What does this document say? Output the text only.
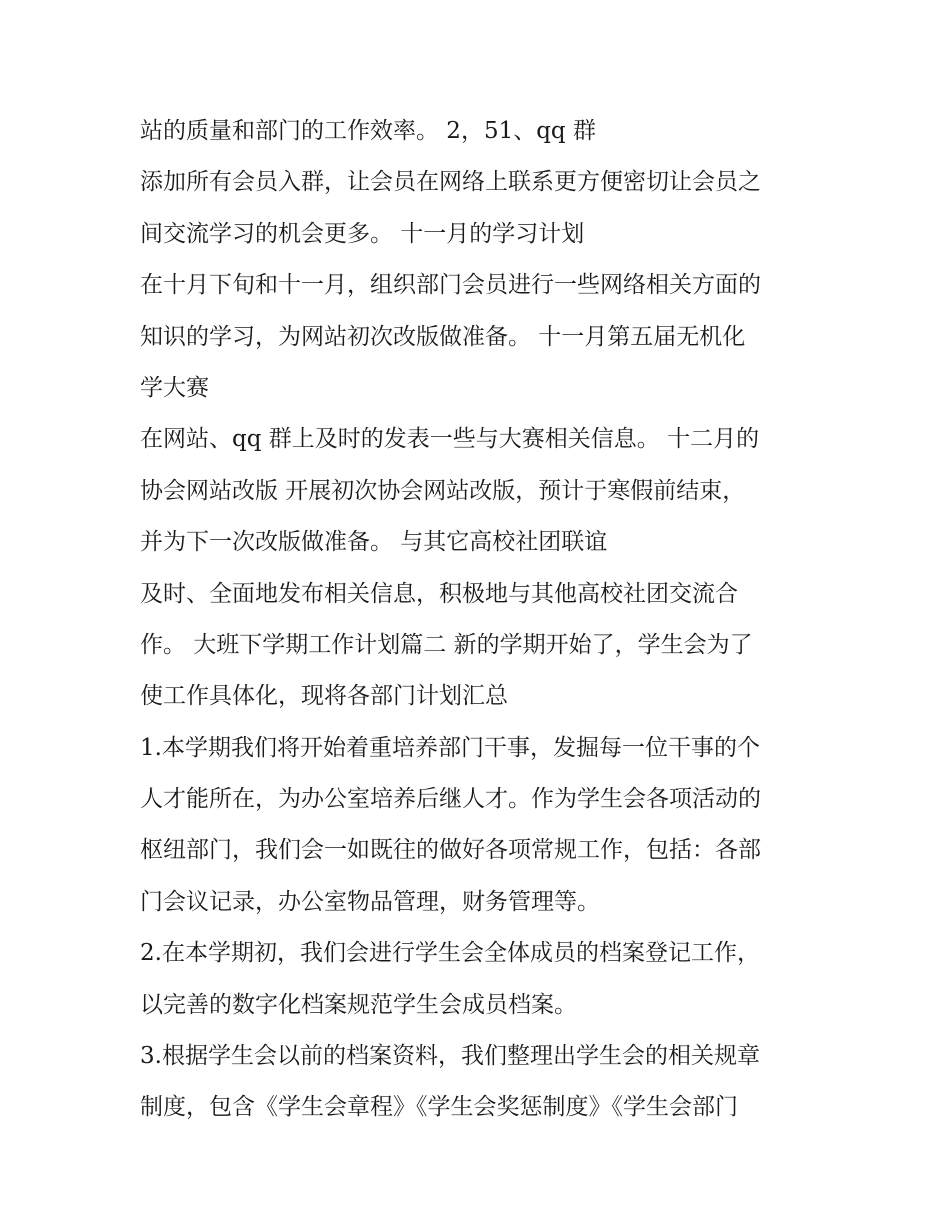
站的质量和部门的工作效率。 2，51、qq 群
添加所有会员入群，让会员在网络上联系更方便密切让会员之
间交流学习的机会更多。 十一月的学习计划
在十月下旬和十一月，组织部门会员进行一些网络相关方面的
知识的学习，为网站初次改版做准备。 十一月第五届无机化
学大赛
在网站、qq 群上及时的发表一些与大赛相关信息。 十二月的
协会网站改版 开展初次协会网站改版，预计于寒假前结束，
并为下一次改版做准备。 与其它高校社团联谊
及时、全面地发布相关信息，积极地与其他高校社团交流合
作。 大班下学期工作计划篇二 新的学期开始了，学生会为了
使工作具体化，现将各部门计划汇总
1.本学期我们将开始着重培养部门干事，发掘每一位干事的个
人才能所在，为办公室培养后继人才。作为学生会各项活动的
枢纽部门，我们会一如既往的做好各项常规工作，包括：各部
门会议记录，办公室物品管理，财务管理等。
2.在本学期初，我们会进行学生会全体成员的档案登记工作，
以完善的数字化档案规范学生会成员档案。
3.根据学生会以前的档案资料，我们整理出学生会的相关规章
制度，包含《学生会章程》《学生会奖惩制度》《学生会部门
